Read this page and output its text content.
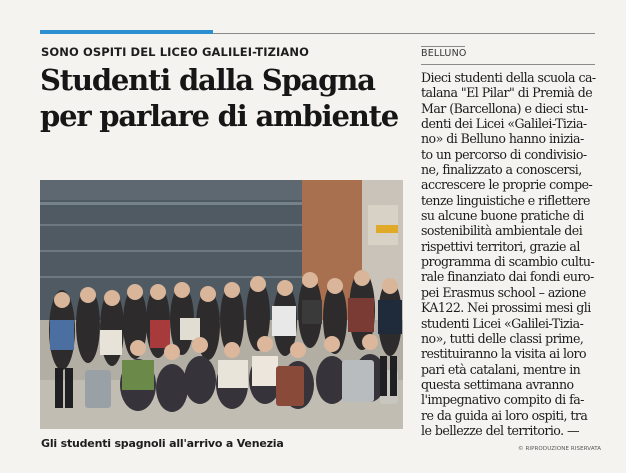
SONO OSPITI DEL LICEO GALILEI-TIZIANO
Studenti dalla Spagna
per parlare di ambiente
Gli studenti spagnoli all'arrivo a Venezia
BELLUNO
Dieci studenti della scuola ca-
talana "El Pilar" di Premià de
Mar (Barcellona) e dieci stu-
denti dei Licei «Galilei-Tizia-
no» di Belluno hanno inizia-
to un percorso di condivisio-
ne, finalizzato a conoscersi,
accrescere le proprie compe-
tenze linguistiche e riflettere
su alcune buone pratiche di
sostenibilità ambientale dei
rispettivi territori, grazie al
programma di scambio cultu-
rale finanziato dai fondi euro-
pei Erasmus school – azione
KA122. Nei prossimi mesi gli
studenti Licei «Galilei-Tizia-
no», tutti delle classi prime,
restituiranno la visita ai loro
pari età catalani, mentre in
questa settimana avranno
l'impegnativo compito di fa-
re da guida ai loro ospiti, tra
le bellezze del territorio. —
© RIPRODUZIONE RISERVATA
